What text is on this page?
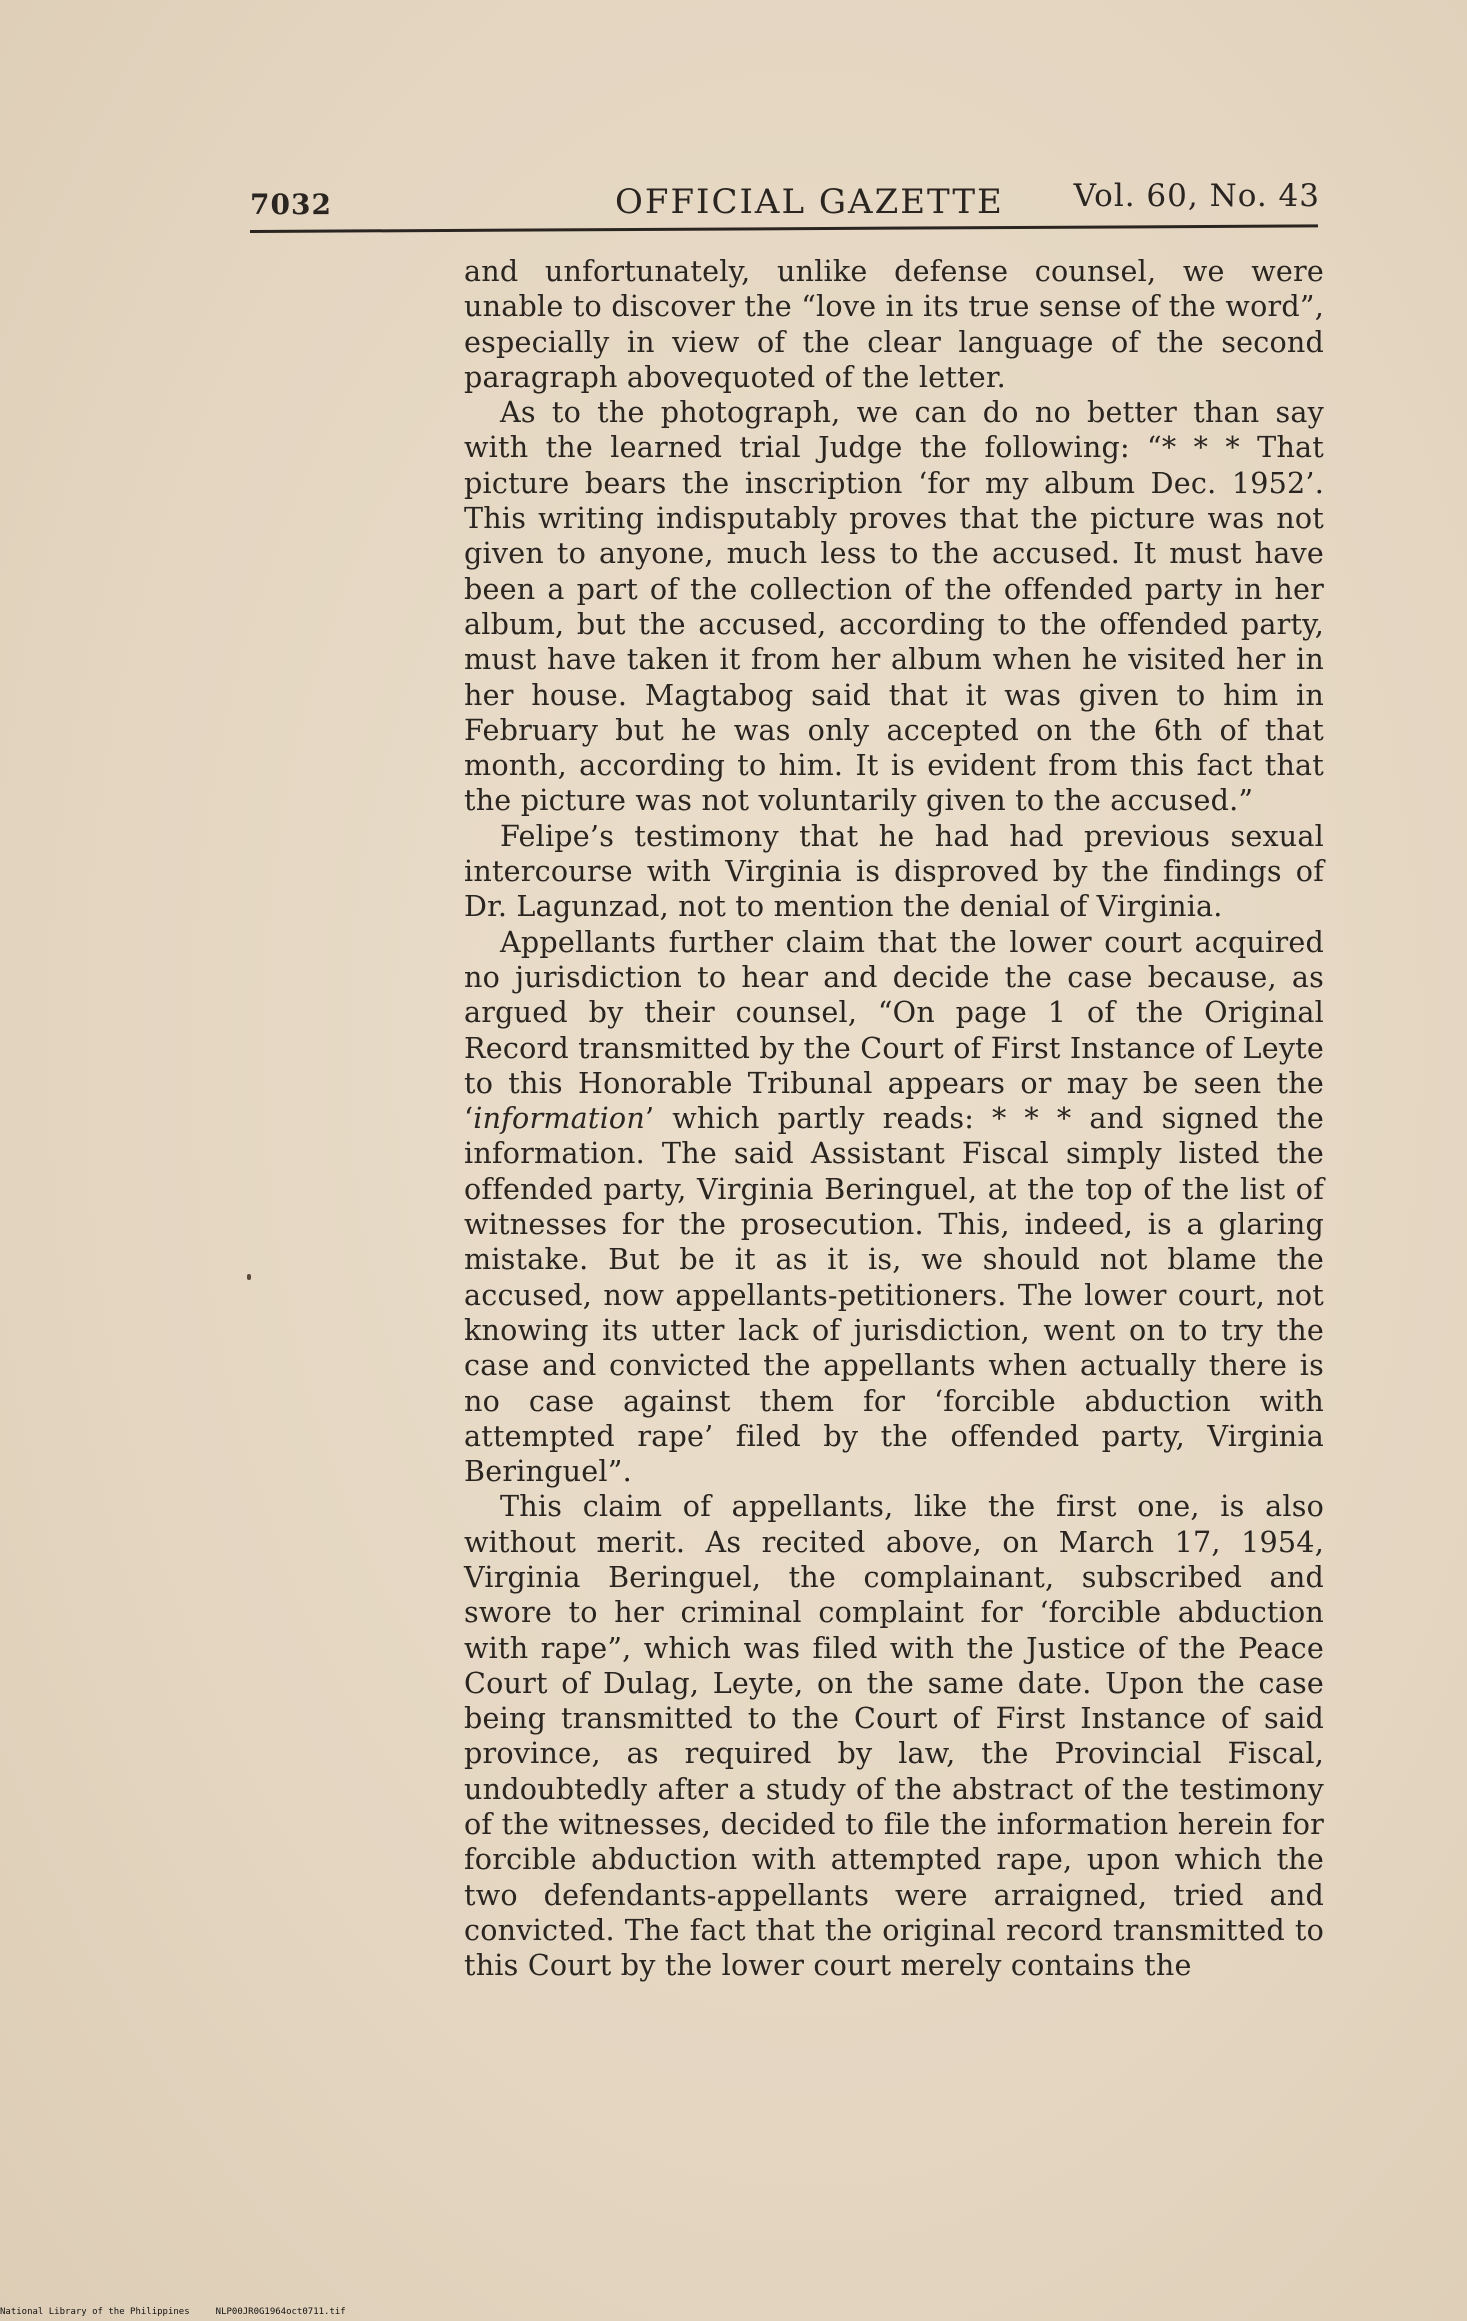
7032	OFFICIAL GAZETTE Vol. 60, No. 43

and unfortunately, unlike defense counsel, we were unable to discover the “love in its true sense of the word”, especially in view of the clear language of the second paragraph abovequoted of the letter.

As to the photograph, we can do no better than say with the learned trial Judge the following: “* * * That picture bears the inscription ‘for my album Dec. 1952’. This writing indisputably proves that the picture was not given to anyone, much less to the accused. It must have been a part of the collection of the offended party in her album, but the accused, according to the offended party, must have taken it from her album when he visited her in her house. Magtabog said that it was given to him in February but he was only accepted on the 6th of that month, according to him. It is evident from this fact that the picture was not voluntarily given to the accused.”

Felipe’s testimony that he had had previous sexual intercourse with Virginia is disproved by the findings of Dr. Lagunzad, not to mention the denial of Virginia.

Appellants further claim that the lower court acquired no jurisdiction to hear and decide the case because, as argued by their counsel, “On page 1 of the Original Record transmitted by the Court of First Instance of Leyte to this Honorable Tribunal appears or may be seen the ‘information’ which partly reads: * * * and signed the information. The said Assistant Fiscal simply listed the offended party, Virginia Beringuel, at the top of the list of witnesses for the prosecution. This, indeed, is a glaring mistake. But be it as it is, we should not blame the accused, now appellants-petitioners. The lower court, not knowing its utter lack of jurisdiction, went on to try the case and convicted the appellants when actually there is no case against them for ‘forcible abduction with attempted rape’ filed by the offended party, Virginia Beringuel”.

This claim of appellants, like the first one, is also without merit. As recited above, on March 17, 1954, Virginia Beringuel, the complainant, subscribed and swore to her criminal complaint for ‘forcible abduction with rape”, which was filed with the Justice of the Peace Court of Dulag, Leyte, on the same date. Upon the case being transmitted to the Court of First Instance of said province, as required by law, the Provincial Fiscal, undoubtedly after a study of the abstract of the testimony of the witnesses, decided to file the information herein for forcible abduction with attempted rape, upon which the two defendants-appellants were arraigned, tried and convicted. The fact that the original record transmitted to this Court by the lower court merely contains the

National Library of the Philippines	NLP00JR0G1964oct0711.tif
